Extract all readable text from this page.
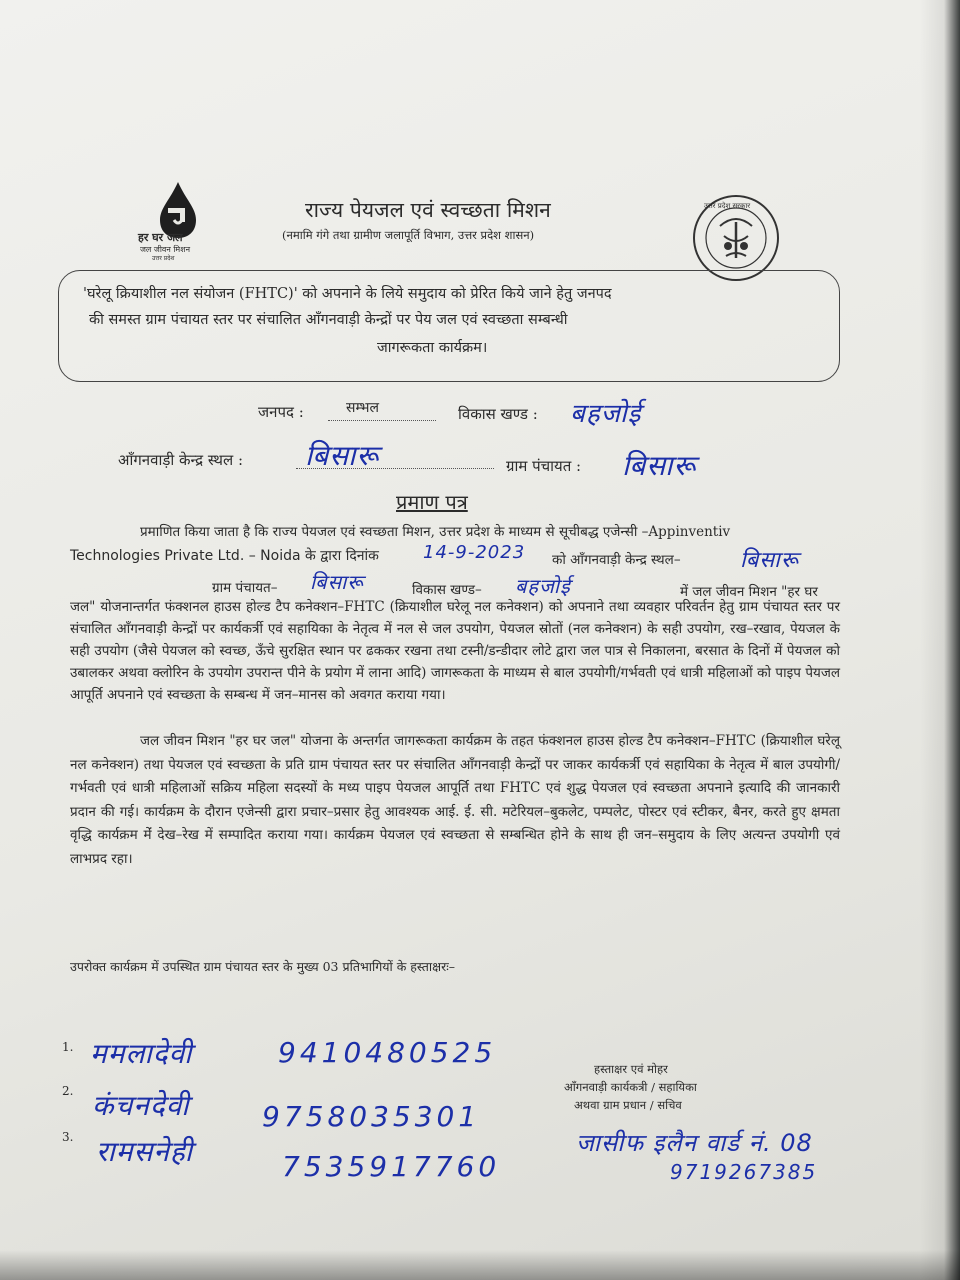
हर घर जल
जल जीवन मिशन
उत्तर प्रदेश
राज्य पेयजल एवं स्वच्छता मिशन
(नमामि गंगे तथा ग्रामीण जलापूर्ति विभाग, उत्तर प्रदेश शासन)
उत्तर प्रदेश सरकार
'घरेलू क्रियाशील नल संयोजन (FHTC)' को अपनाने के लिये समुदाय को प्रेरित किये जाने हेतु जनपद
की समस्त ग्राम पंचायत स्तर पर संचालित ऑंगनवाड़ी केन्द्रों पर पेय जल एवं स्वच्छता सम्बन्धी
जागरूकता कार्यक्रम।
जनपद :	सम्भल	विकास खण्ड : बहजोई
ऑंगनवाड़ी केन्द्र स्थल : बिसारू	ग्राम पंचायत : बिसारू
प्रमाण पत्र
प्रमाणित किया जाता है कि राज्य पेयजल एवं स्वच्छता मिशन, उत्तर प्रदेश के माध्यम से सूचीबद्ध एजेन्सी –Appinventiv
Technologies Private Ltd. – Noida के द्वारा दिनांक 14-9-2023 को ऑंगनवाड़ी केन्द्र स्थल–	बिसारू
ग्राम पंचायत– बिसारू	विकास खण्ड– बहजोई	में जल जीवन मिशन "हर घर
जल" योजनान्तर्गत फंक्शनल हाउस होल्ड टैप कनेक्शन–FHTC (क्रियाशील घरेलू नल कनेक्शन) को अपनाने तथा व्यवहार परिवर्तन हेतु ग्राम पंचायत स्तर पर संचालित ऑंगनवाड़ी केन्द्रों पर कार्यकर्त्री एवं सहायिका के नेतृत्व में नल से जल उपयोग, पेयजल स्रोतों (नल कनेक्शन) के सही उपयोग, रख–रखाव, पेयजल के सही उपयोग (जैसे पेयजल को स्वच्छ, ऊँचे सुरक्षित स्थान पर ढककर रखना तथा टस्नी/डन्डीदार लोटे द्वारा जल पात्र से निकालना, बरसात के दिनों में पेयजल को उबालकर अथवा क्लोरिन के उपयोग उपरान्त पीने के प्रयोग में लाना आदि) जागरूकता के माध्यम से बाल उपयोगी/गर्भवती एवं धात्री महिलाओं को पाइप पेयजल आपूर्ति अपनाने एवं स्वच्छता के सम्बन्ध में जन–मानस को अवगत कराया गया।
जल जीवन मिशन "हर घर जल" योजना के अन्तर्गत जागरूकता कार्यक्रम के तहत फंक्शनल हाउस होल्ड टैप कनेक्शन–FHTC (क्रियाशील घरेलू नल कनेक्शन) तथा पेयजल एवं स्वच्छता के प्रति ग्राम पंचायत स्तर पर संचालित ऑंगनवाड़ी केन्द्रों पर जाकर कार्यकर्त्री एवं सहायिका के नेतृत्व में बाल उपयोगी/गर्भवती एवं धात्री महिलाओं सक्रिय महिला सदस्यों के मध्य पाइप पेयजल आपूर्ति तथा FHTC एवं शुद्ध पेयजल एवं स्वच्छता अपनाने इत्यादि की जानकारी प्रदान की गई। कार्यक्रम के दौरान एजेन्सी द्वारा प्रचार–प्रसार हेतु आवश्यक आई. ई. सी. मटेरियल–बुकलेट, पम्पलेट, पोस्टर एवं स्टीकर, बैनर, करते हुए क्षमता वृद्धि कार्यक्रम मेंं देख–रेख में सम्पादित कराया गया। कार्यक्रम पेयजल एवं स्वच्छता से सम्बन्धित होने के साथ ही जन–समुदाय के लिए अत्यन्त उपयोगी एवं लाभप्रद रहा।
उपरोक्त कार्यक्रम में उपस्थित ग्राम पंचायत स्तर के मुख्य 03 प्रतिभागियों के हस्ताक्षरः–
1. ममलादेवी	9410480525
2. कंचनदेवी	9758035301
3. रामसनेही	7535917760
हस्ताक्षर एवं मोहर
ऑंगनवाड़ी कार्यकत्री / सहायिका
अथवा ग्राम प्रधान / सचिव
जासीफ इलैन वार्ड नं. 08
9719267385
